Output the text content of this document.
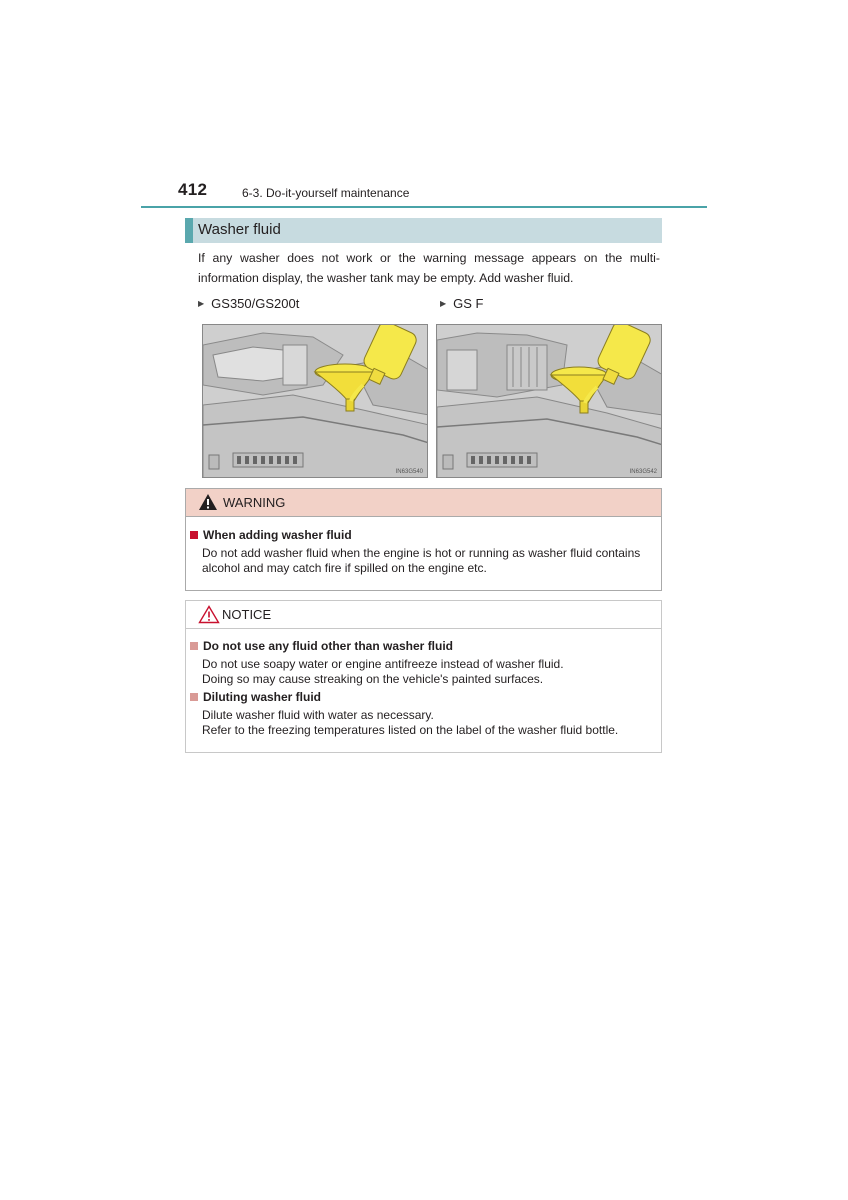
412	6-3. Do-it-yourself maintenance
Washer fluid
If any washer does not work or the warning message appears on the multi-information display, the washer tank may be empty. Add washer fluid.
▶ GS350/GS200t	▶ GS F
IN63G540	IN63G542
WARNING
When adding washer fluid
Do not add washer fluid when the engine is hot or running as washer fluid contains
alcohol and may catch fire if spilled on the engine etc.
NOTICE
Do not use any fluid other than washer fluid
Do not use soapy water or engine antifreeze instead of washer fluid.
Doing so may cause streaking on the vehicle's painted surfaces.
Diluting washer fluid
Dilute washer fluid with water as necessary.
Refer to the freezing temperatures listed on the label of the washer fluid bottle.
